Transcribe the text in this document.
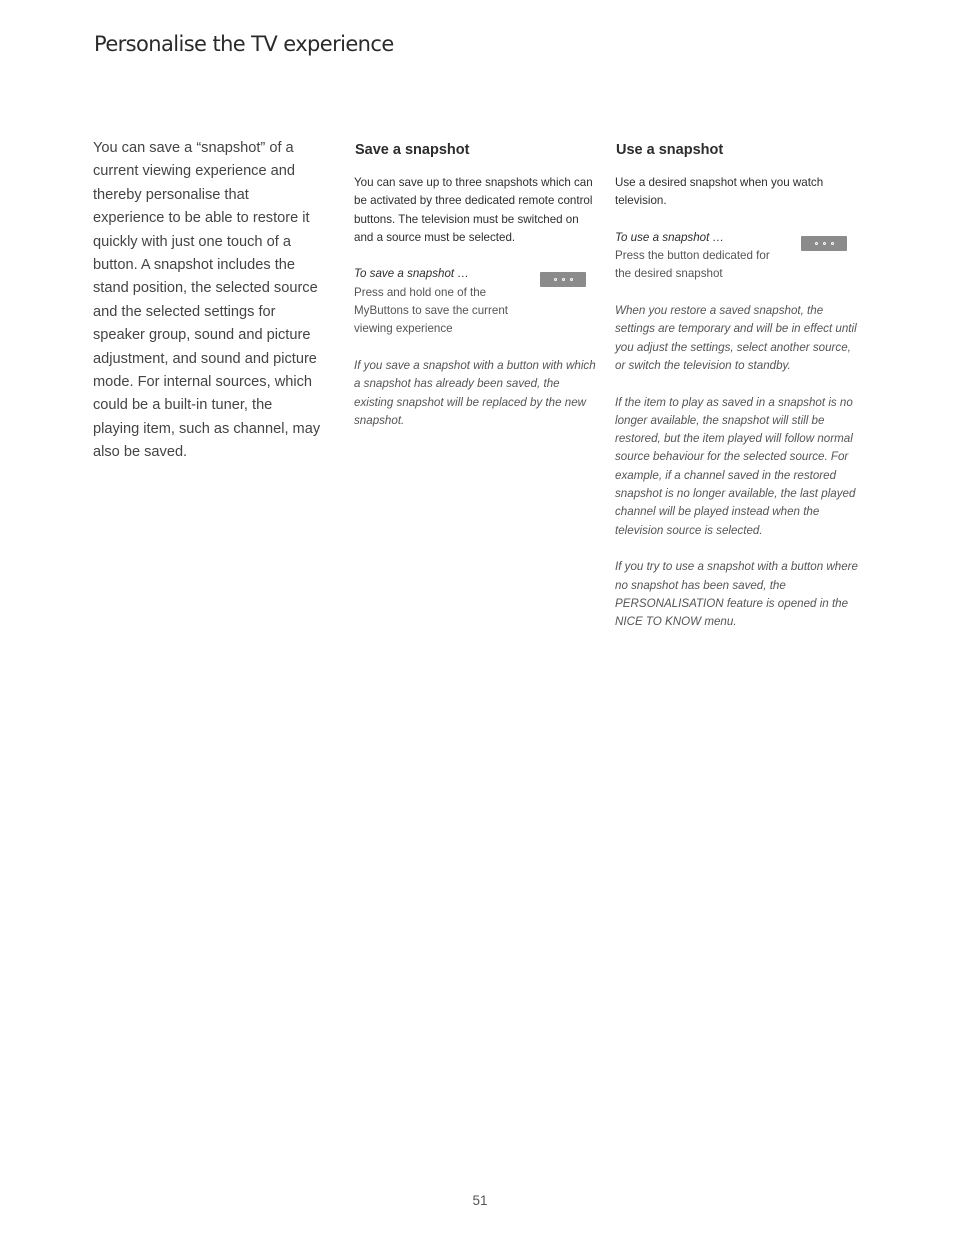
Personalise the TV experience

You can save a “snapshot” of a current viewing experience and thereby personalise that experience to be able to restore it quickly with just one touch of a button. A snapshot includes the stand position, the selected source and the selected settings for speaker group, sound and picture adjustment, and sound and picture mode. For internal sources, which could be a built-in tuner, the playing item, such as channel, may also be saved.

Save a snapshot

You can save up to three snapshots which can be activated by three dedicated remote control buttons. The television must be switched on and a source must be selected.

To save a snapshot …

Press and hold one of the MyButtons to save the current viewing experience

If you save a snapshot with a button with which a snapshot has already been saved, the existing snapshot will be replaced by the new snapshot.

Use a snapshot

Use a desired snapshot when you watch television.

To use a snapshot …

Press the button dedicated for the desired snapshot

When you restore a saved snapshot, the settings are temporary and will be in effect until you adjust the settings, select another source, or switch the television to standby.

If the item to play as saved in a snapshot is no longer available, the snapshot will still be restored, but the item played will follow normal source behaviour for the selected source. For example, if a channel saved in the restored snapshot is no longer available, the last played channel will be played instead when the television source is selected.

If you try to use a snapshot with a button where no snapshot has been saved, the PERSONALISATION feature is opened in the NICE TO KNOW menu.

51
